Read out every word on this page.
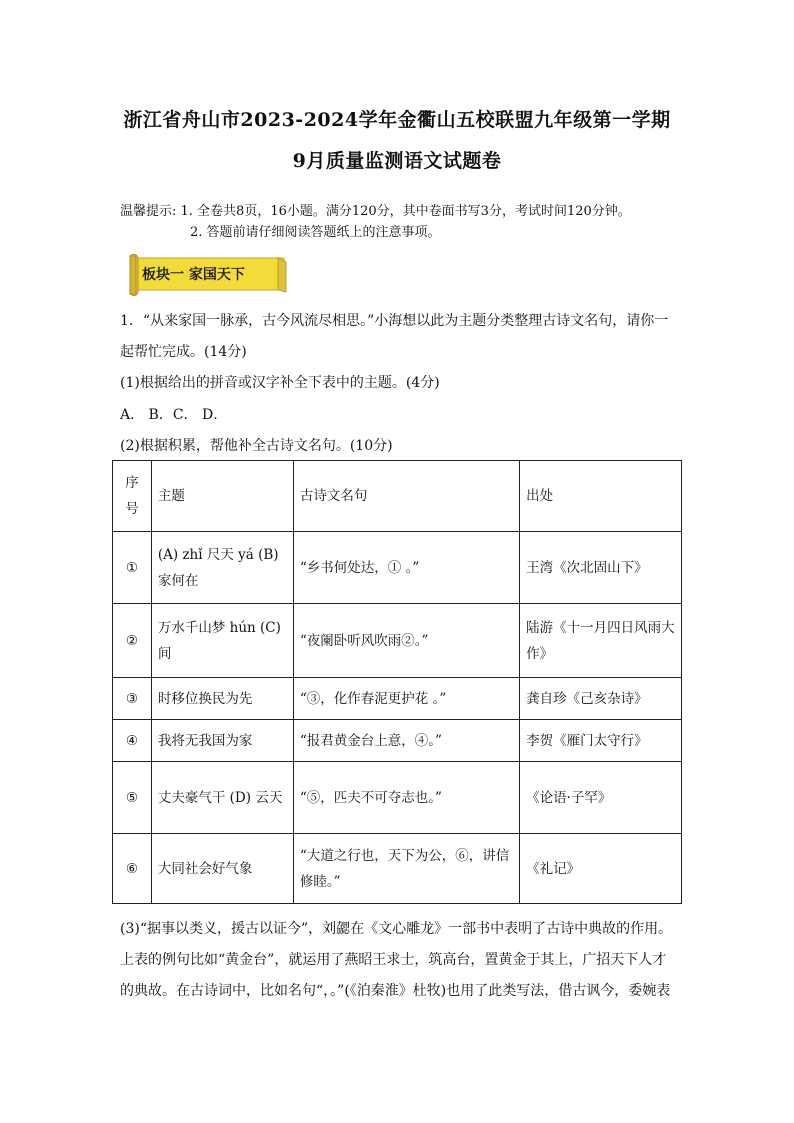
浙江省舟山市2023-2024学年金衢山五校联盟九年级第一学期
9月质量监测语文试题卷
温馨提示: 1. 全卷共8页，16小题。满分120分，其中卷面书写3分，考试时间120分钟。
2. 答题前请仔细阅读答题纸上的注意事项。
板块一 家国天下
1．“从来家国一脉承，古今风流尽相思。”小海想以此为主题分类整理古诗文名句，请你一起帮忙完成。(14分)
(1)根据给出的拼音或汉字补全下表中的主题。(4分)
A． B．C． D．
(2)根据积累，帮他补全古诗文名句。(10分)
序号	主题	古诗文名句	出处
①	(A) zhǐ 尺天 yá (B) 家何在	“乡书何处达，① 。”	王湾《次北固山下》
②	万水千山梦 hún (C) 间	“夜阑卧听风吹雨②。”	陆游《十一月四日风雨大作》
③	时移位换民为先	“③，化作春泥更护花 。”	龚自珍《己亥杂诗》
④	我将无我国为家	“报君黄金台上意，④。”	李贺《雁门太守行》
⑤	丈夫豪气干 (D) 云天	“⑤，匹夫不可夺志也。”	《论语·子罕》
⑥	大同社会好气象	“大道之行也，天下为公，⑥，讲信修睦。”	《礼记》
(3)“据事以类义，援古以证今”，刘勰在《文心雕龙》一部书中表明了古诗中典故的作用。上表的例句比如“黄金台”，就运用了燕昭王求士，筑高台，置黄金于其上，广招天下人才的典故。在古诗词中，比如名句“，。”(《泊秦淮》杜牧)也用了此类写法，借古讽今，委婉表
